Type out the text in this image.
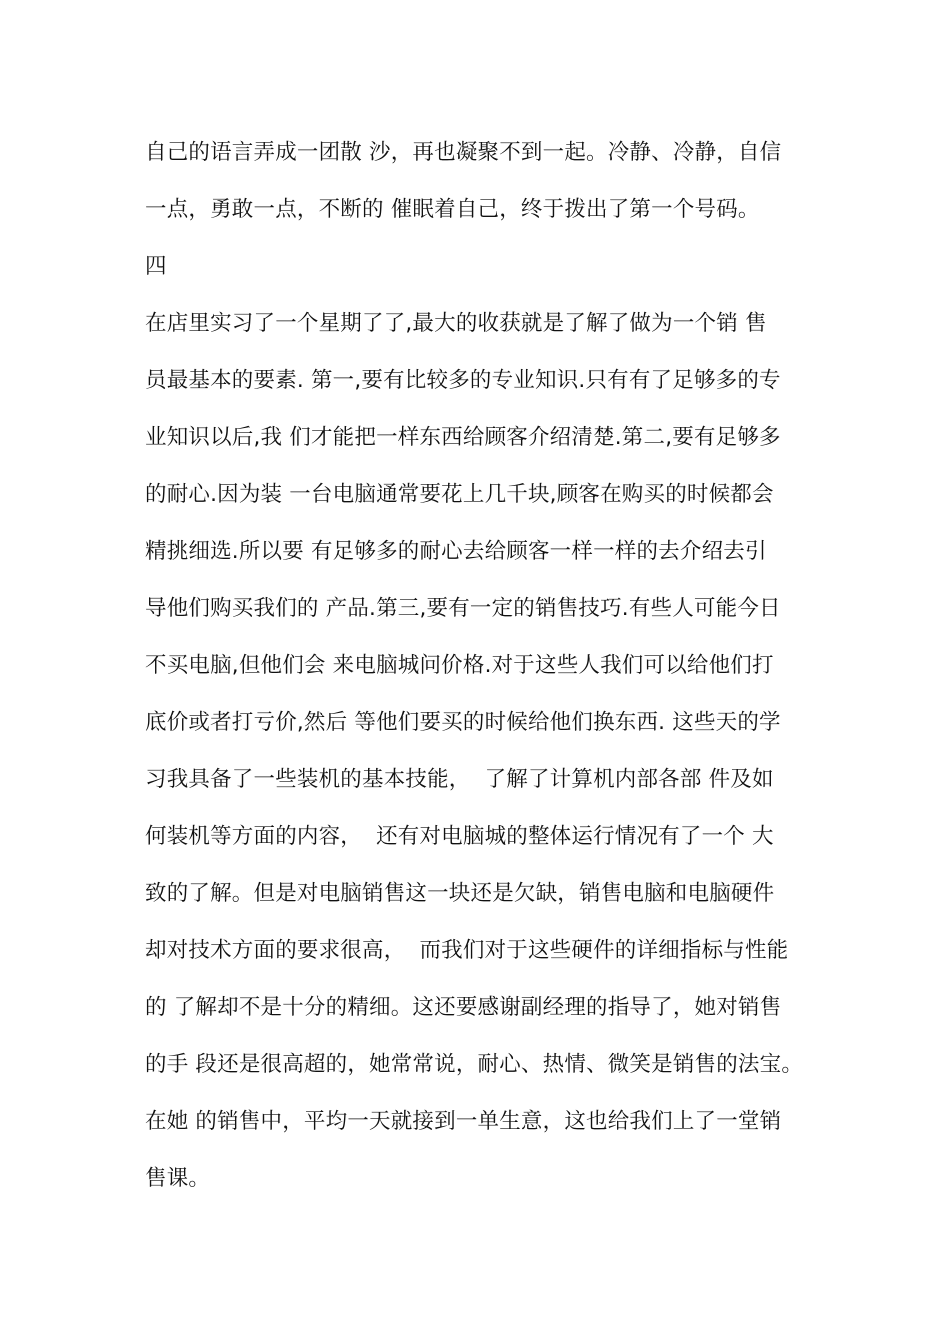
自己的语言弄成一团散 沙，再也凝聚不到一起。冷静、冷静，自信
一点，勇敢一点，不断的 催眠着自己，终于拨出了第一个号码。
四
在店里实习了一个星期了了,最大的收获就是了解了做为一个销 售
员最基本的要素. 第一,要有比较多的专业知识.只有有了足够多的专
业知识以后,我 们才能把一样东西给顾客介绍清楚.第二,要有足够多
的耐心.因为装 一台电脑通常要花上几千块,顾客在购买的时候都会
精挑细选.所以要 有足够多的耐心去给顾客一样一样的去介绍去引
导他们购买我们的 产品.第三,要有一定的销售技巧.有些人可能今日
不买电脑,但他们会 来电脑城问价格.对于这些人我们可以给他们打
底价或者打亏价,然后 等他们要买的时候给他们换东西. 这些天的学
习我具备了一些装机的基本技能，  了解了计算机内部各部 件及如
何装机等方面的内容，  还有对电脑城的整体运行情况有了一个 大
致的了解。但是对电脑销售这一块还是欠缺，销售电脑和电脑硬件
却对技术方面的要求很高，  而我们对于这些硬件的详细指标与性能
的 了解却不是十分的精细。这还要感谢副经理的指导了，她对销售
的手 段还是很高超的，她常常说，耐心、热情、微笑是销售的法宝。
在她 的销售中，平均一天就接到一单生意，这也给我们上了一堂销
售课。
